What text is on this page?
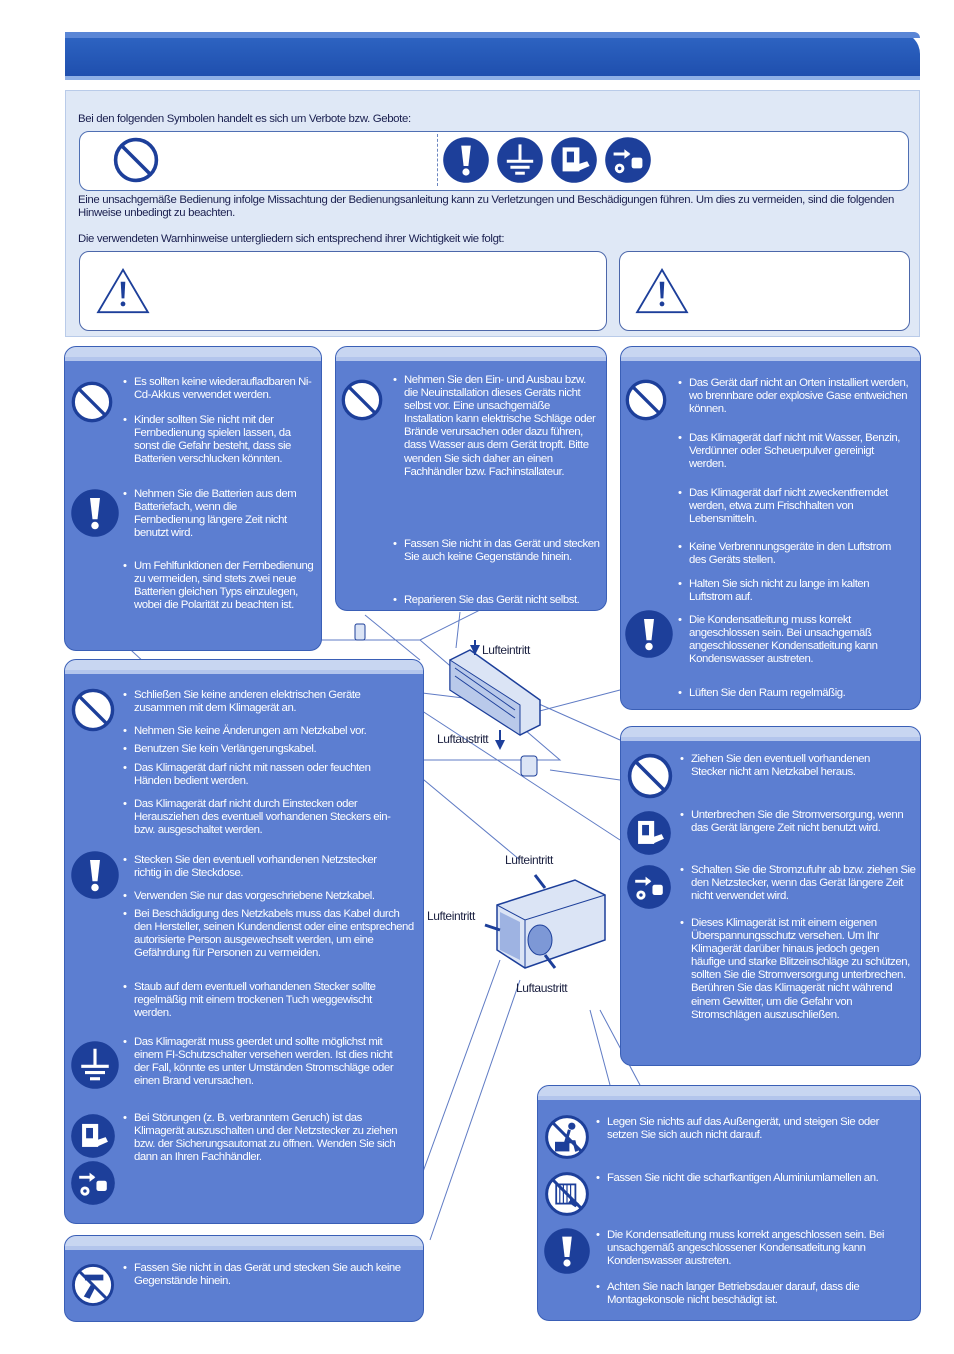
Bei den folgenden Symbolen handelt es sich um Verbote bzw. Gebote:
Eine unsachgemäße Bedienung infolge Missachtung der Bedienungsanleitung kann zu Verletzungen und Beschädigungen führen. Um dies zu vermeiden, sind die folgenden Hinweise unbedingt zu beachten.
Die verwendeten Warnhinweise untergliedern sich entsprechend ihrer Wichtigkeit wie folgt:
Lufteintritt
Luftaustritt
Lufteintritt
Lufteintritt
Luftaustritt
• Es sollten keine wiederaufladbaren Ni-Cd-Akkus verwendet werden.
• Kinder sollten Sie nicht mit der Fernbedienung spielen lassen, da sonst die Gefahr besteht, dass sie Batterien verschlucken könnten.
• Nehmen Sie die Batterien aus dem Batteriefach, wenn die Fernbedienung längere Zeit nicht benutzt wird.
• Um Fehlfunktionen der Fernbedienung zu vermeiden, sind stets zwei neue Batterien gleichen Typs einzulegen, wobei die Polarität zu beachten ist.
• Nehmen Sie den Ein- und Ausbau bzw. die Neuinstallation dieses Geräts nicht selbst vor. Eine unsachgemäße Installation kann elektrische Schläge oder Brände verursachen oder dazu führen, dass Wasser aus dem Gerät tropft. Bitte wenden Sie sich daher an einen Fachhändler bzw. Fachinstallateur.
• Fassen Sie nicht in das Gerät und stecken Sie auch keine Gegenstände hinein.
• Reparieren Sie das Gerät nicht selbst.
• Das Gerät darf nicht an Orten installiert werden, wo brennbare oder explosive Gase entweichen können.
• Das Klimagerät darf nicht mit Wasser, Benzin, Verdünner oder Scheuerpulver gereinigt werden.
• Das Klimagerät darf nicht zweckentfremdet werden, etwa zum Frischhalten von Lebensmitteln.
• Keine Verbrennungsgeräte in den Luftstrom des Geräts stellen.
• Halten Sie sich nicht zu lange im kalten Luftstrom auf.
• Die Kondensatleitung muss korrekt angeschlossen sein. Bei unsachgemäß angeschlossener Kondensatleitung kann Kondenswasser austreten.
• Lüften Sie den Raum regelmäßig.
• Schließen Sie keine anderen elektrischen Geräte zusammen mit dem Klimagerät an.
• Nehmen Sie keine Änderungen am Netzkabel vor.
• Benutzen Sie kein Verlängerungskabel.
• Das Klimagerät darf nicht mit nassen oder feuchten Händen bedient werden.
• Das Klimagerät darf nicht durch Einstecken oder Herausziehen des eventuell vorhandenen Steckers ein- bzw. ausgeschaltet werden.
• Stecken Sie den eventuell vorhandenen Netzstecker richtig in die Steckdose.
• Verwenden Sie nur das vorgeschriebene Netzkabel.
• Bei Beschädigung des Netzkabels muss das Kabel durch den Hersteller, seinen Kundendienst oder eine entsprechend autorisierte Person ausgewechselt werden, um eine Gefährdung für Personen zu vermeiden.
• Staub auf dem eventuell vorhandenen Stecker sollte regelmäßig mit einem trockenen Tuch weggewischt werden.
• Das Klimagerät muss geerdet und sollte möglichst mit einem FI-Schutzschalter versehen werden. Ist dies nicht der Fall, könnte es unter Umständen Stromschläge oder einen Brand verursachen.
• Bei Störungen (z. B. verbranntem Geruch) ist das Klimagerät auszuschalten und der Netzstecker zu ziehen bzw. der Sicherungsautomat zu öffnen. Wenden Sie sich dann an Ihren Fachhändler.
• Fassen Sie nicht in das Gerät und stecken Sie auch keine Gegenstände hinein.
• Ziehen Sie den eventuell vorhandenen Stecker nicht am Netzkabel heraus.
• Unterbrechen Sie die Stromversorgung, wenn das Gerät längere Zeit nicht benutzt wird.
• Schalten Sie die Stromzufuhr ab bzw. ziehen Sie den Netzstecker, wenn das Gerät längere Zeit nicht verwendet wird.
• Dieses Klimagerät ist mit einem eigenen Überspannungsschutz versehen. Um Ihr Klimagerät darüber hinaus jedoch gegen häufige und starke Blitzeinschläge zu schützen, sollten Sie die Stromversorgung unterbrechen. Berühren Sie das Klimagerät nicht während einem Gewitter, um die Gefahr von Stromschlägen auszuschließen.
• Legen Sie nichts auf das Außengerät, und steigen Sie oder setzen Sie sich auch nicht darauf.
• Fassen Sie nicht die scharfkantigen Aluminiumlamellen an.
• Die Kondensatleitung muss korrekt angeschlossen sein. Bei unsachgemäß angeschlossener Kondensatleitung kann Kondenswasser austreten.
• Achten Sie nach langer Betriebsdauer darauf, dass die Montagekonsole nicht beschädigt ist.
